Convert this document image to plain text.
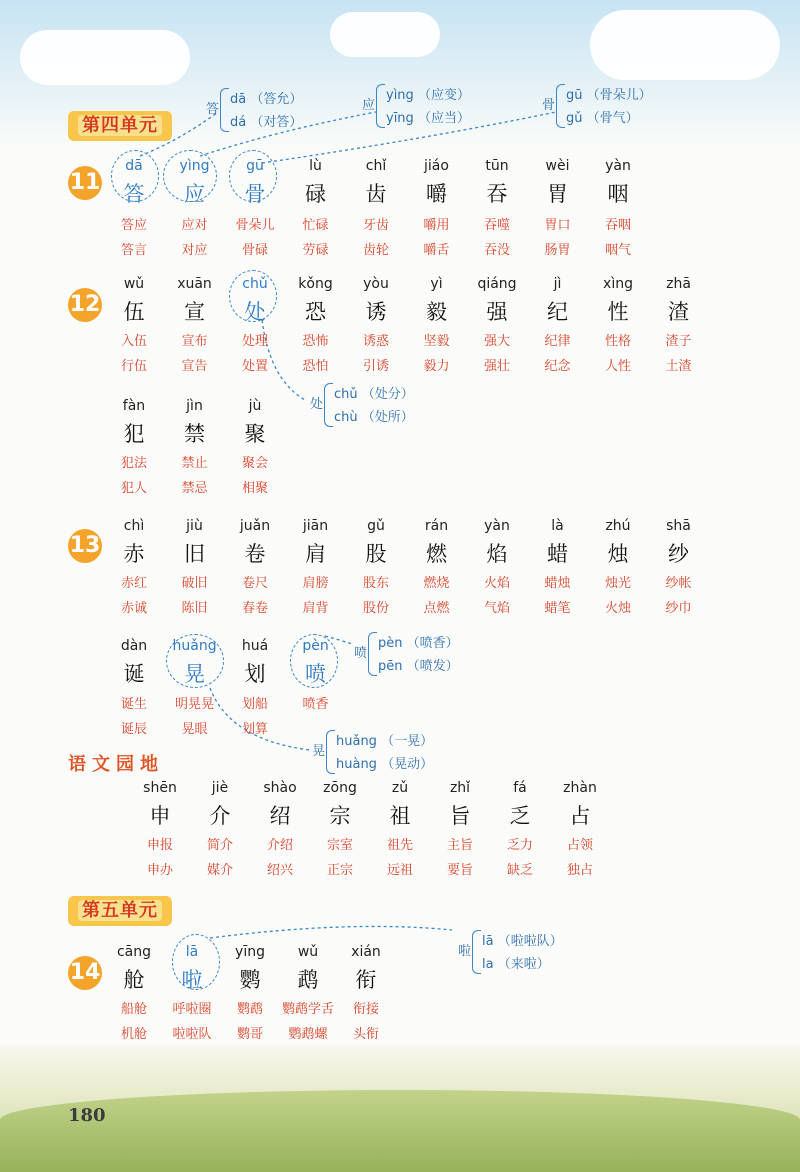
第四单元
11
dā
答
答应
答言
yìng
应
应对
对应
gū
骨
骨朵儿
骨碌
lù
碌
忙碌
劳碌
chǐ
齿
牙齿
齿轮
jiáo
嚼
嚼用
嚼舌
tūn
吞
吞噬
吞没
wèi
胃
胃口
肠胃
yàn
咽
吞咽
咽气
12
wǔ
伍
入伍
行伍
xuān
宣
宣布
宣告
chǔ
处
处理
处置
kǒng
恐
恐怖
恐怕
yòu
诱
诱惑
引诱
yì
毅
坚毅
毅力
qiáng
强
强大
强壮
jì
纪
纪律
纪念
xìng
性
性格
人性
zhā
渣
渣子
土渣
fàn
犯
犯法
犯人
jìn
禁
禁止
禁忌
jù
聚
聚会
相聚
13
chì
赤
赤红
赤诚
jiù
旧
破旧
陈旧
juǎn
卷
卷尺
春卷
jiān
肩
肩膀
肩背
gǔ
股
股东
股份
rán
燃
燃烧
点燃
yàn
焰
火焰
气焰
là
蜡
蜡烛
蜡笔
zhú
烛
烛光
火烛
shā
纱
纱帐
纱巾
dàn
诞
诞生
诞辰
huǎng
晃
明晃晃
晃眼
huá
划
划船
划算
pèn
喷
喷香
语文园地
shēn
申
申报
申办
jiè
介
简介
媒介
shào
绍
介绍
绍兴
zōng
宗
宗室
正宗
zǔ
祖
祖先
远祖
zhǐ
旨
主旨
要旨
fá
乏
乏力
缺乏
zhàn
占
占领
独占
第五单元
14
cāng
舱
船舱
机舱
lā
啦
呼啦圈
啦啦队
yīng
鹦
鹦鹉
鹦哥
wǔ
鹉
鹦鹉学舌
鹦鹉螺
xián
衔
衔接
头衔
答
dā （答允）
dá （对答）
应
yìng （应变）
yīng （应当）
骨
gū （骨朵儿）
gǔ （骨气）
处
chǔ （处分）
chù （处所）
喷
pèn （喷香）
pēn （喷发）
晃
huǎng （一晃）
huàng （晃动）
啦
lā （啦啦队）
la （来啦）
180
